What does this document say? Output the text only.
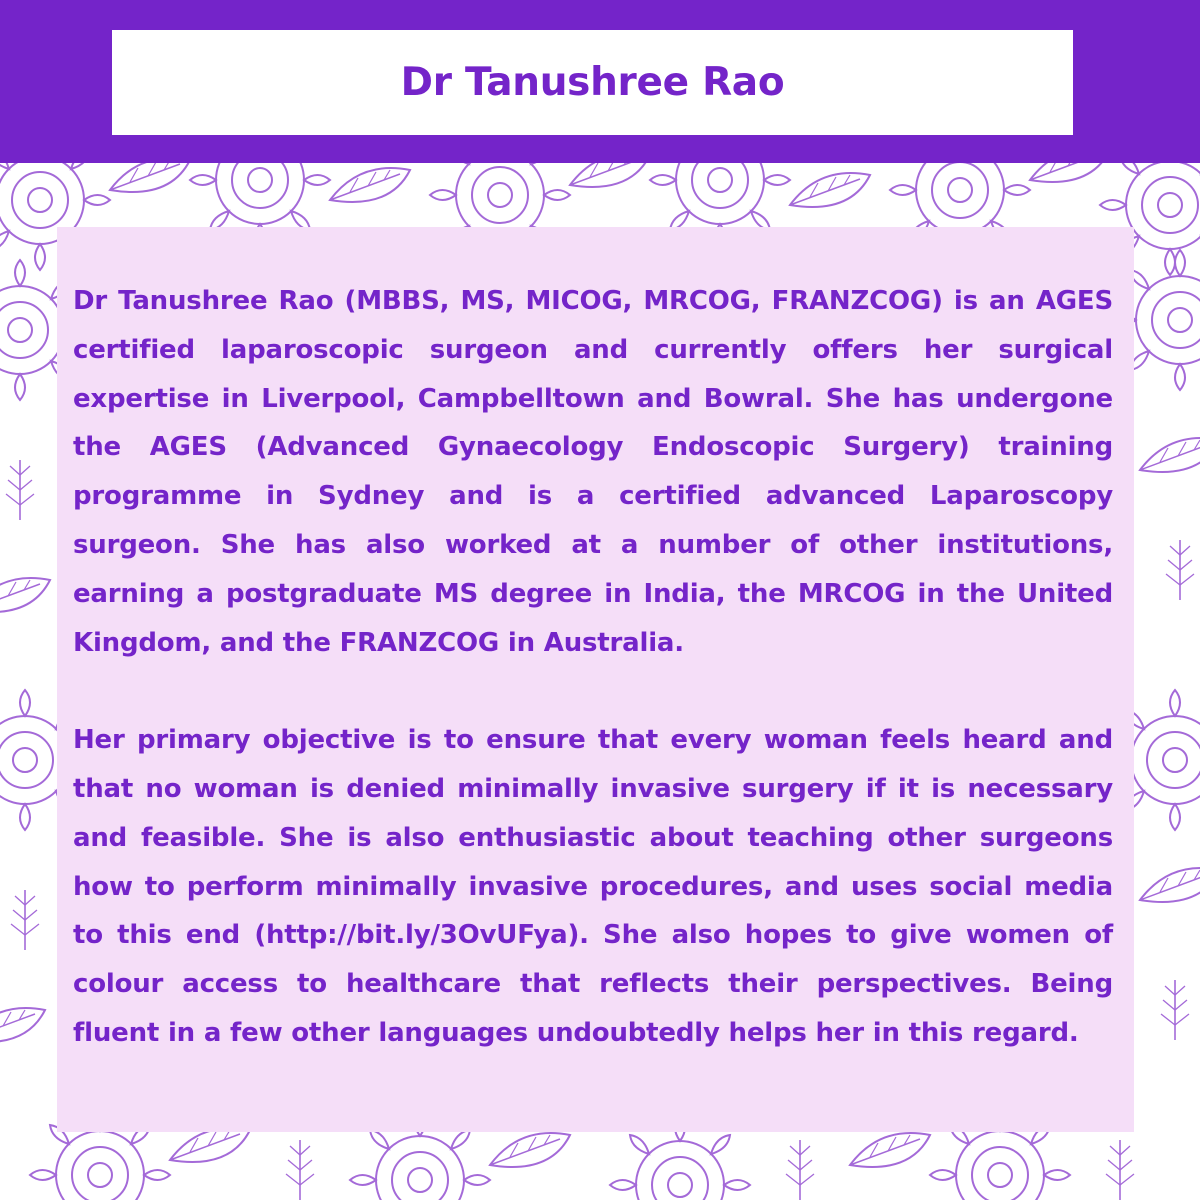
Dr Tanushree Rao

Dr Tanushree Rao (MBBS, MS, MICOG, MRCOG, FRANZCOG) is an AGES certified laparoscopic surgeon and currently offers her surgical expertise in Liverpool, Campbelltown and Bowral. She has undergone the AGES (Advanced Gynaecology Endoscopic Surgery) training programme in Sydney and is a certified advanced Laparoscopy surgeon. She has also worked at a number of other institutions, earning a postgraduate MS degree in India, the MRCOG in the United Kingdom, and the FRANZCOG in Australia.

Her primary objective is to ensure that every woman feels heard and that no woman is denied minimally invasive surgery if it is necessary and feasible. She is also enthusiastic about teaching other surgeons how to perform minimally invasive procedures, and uses social media to this end (http://bit.ly/3OvUFya). She also hopes to give women of colour access to healthcare that reflects their perspectives. Being fluent in a few other languages undoubtedly helps her in this regard.
